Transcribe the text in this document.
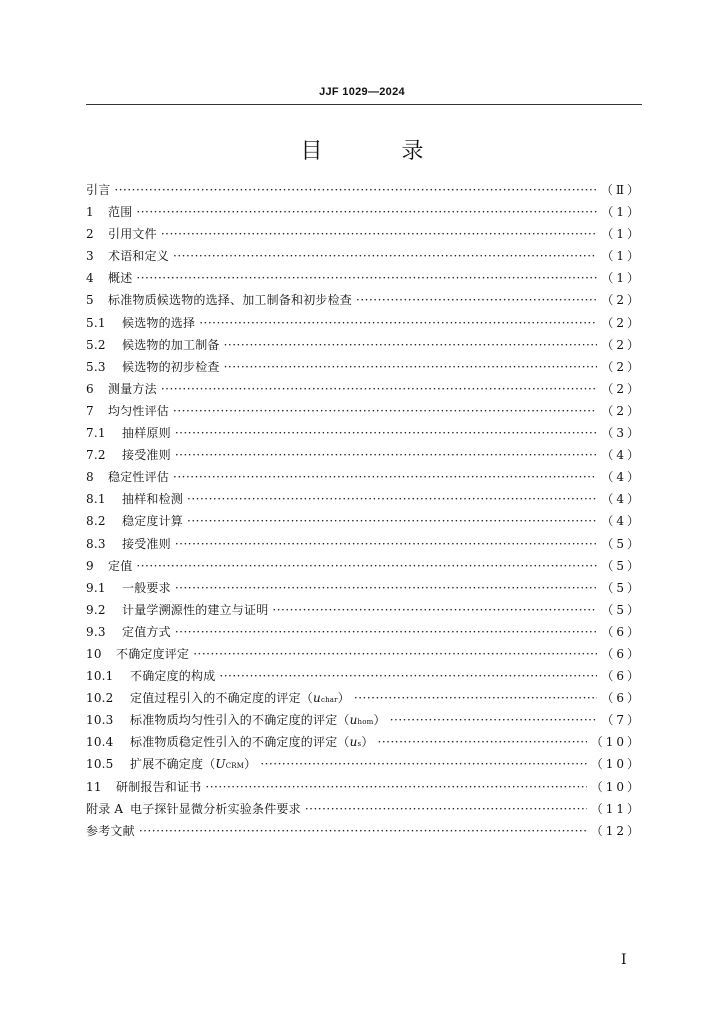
JJF 1029—2024
目 录
引言 ·····	（Ⅱ）
1	范围 ·····	（1）
2	引用文件 ·····	（1）
3	术语和定义 ·····	（1）
4	概述 ·····	（1）
5	标准物质候选物的选择、加工制备和初步检查 ·····	（2）
5.1	候选物的选择 ·····	（2）
5.2	候选物的加工制备 ·····	（2）
5.3	候选物的初步检查 ·····	（2）
6	测量方法 ·····	（2）
7	均匀性评估 ·····	（2）
7.1	抽样原则 ·····	（3）
7.2	接受准则 ·····	（4）
8	稳定性评估 ·····	（4）
8.1	抽样和检测 ·····	（4）
8.2	稳定度计算 ·····	（4）
8.3	接受准则 ·····	（5）
9	定值 ·····	（5）
9.1	一般要求 ·····	（5）
9.2	计量学溯源性的建立与证明 ·····	（5）
9.3	定值方式 ·····	（6）
10	不确定度评定 ·····	（6）
10.1	不确定度的构成 ·····	（6）
10.2	定值过程引入的不确定度的评定（ u char ） ·····	（6）
10.3	标准物质均匀性引入的不确定度的评定（ u hom ） ·····	（7）
10.4	标准物质稳定性引入的不确定度的评定（ u s ） ·····	（10）
10.5	扩展不确定度（ U CRM ） ·····	（10）
11	研制报告和证书 ·····	（10）
附录 A 电子探针显微分析实验条件要求 ·····	（11）
参考文献 ·····	（12）
I
